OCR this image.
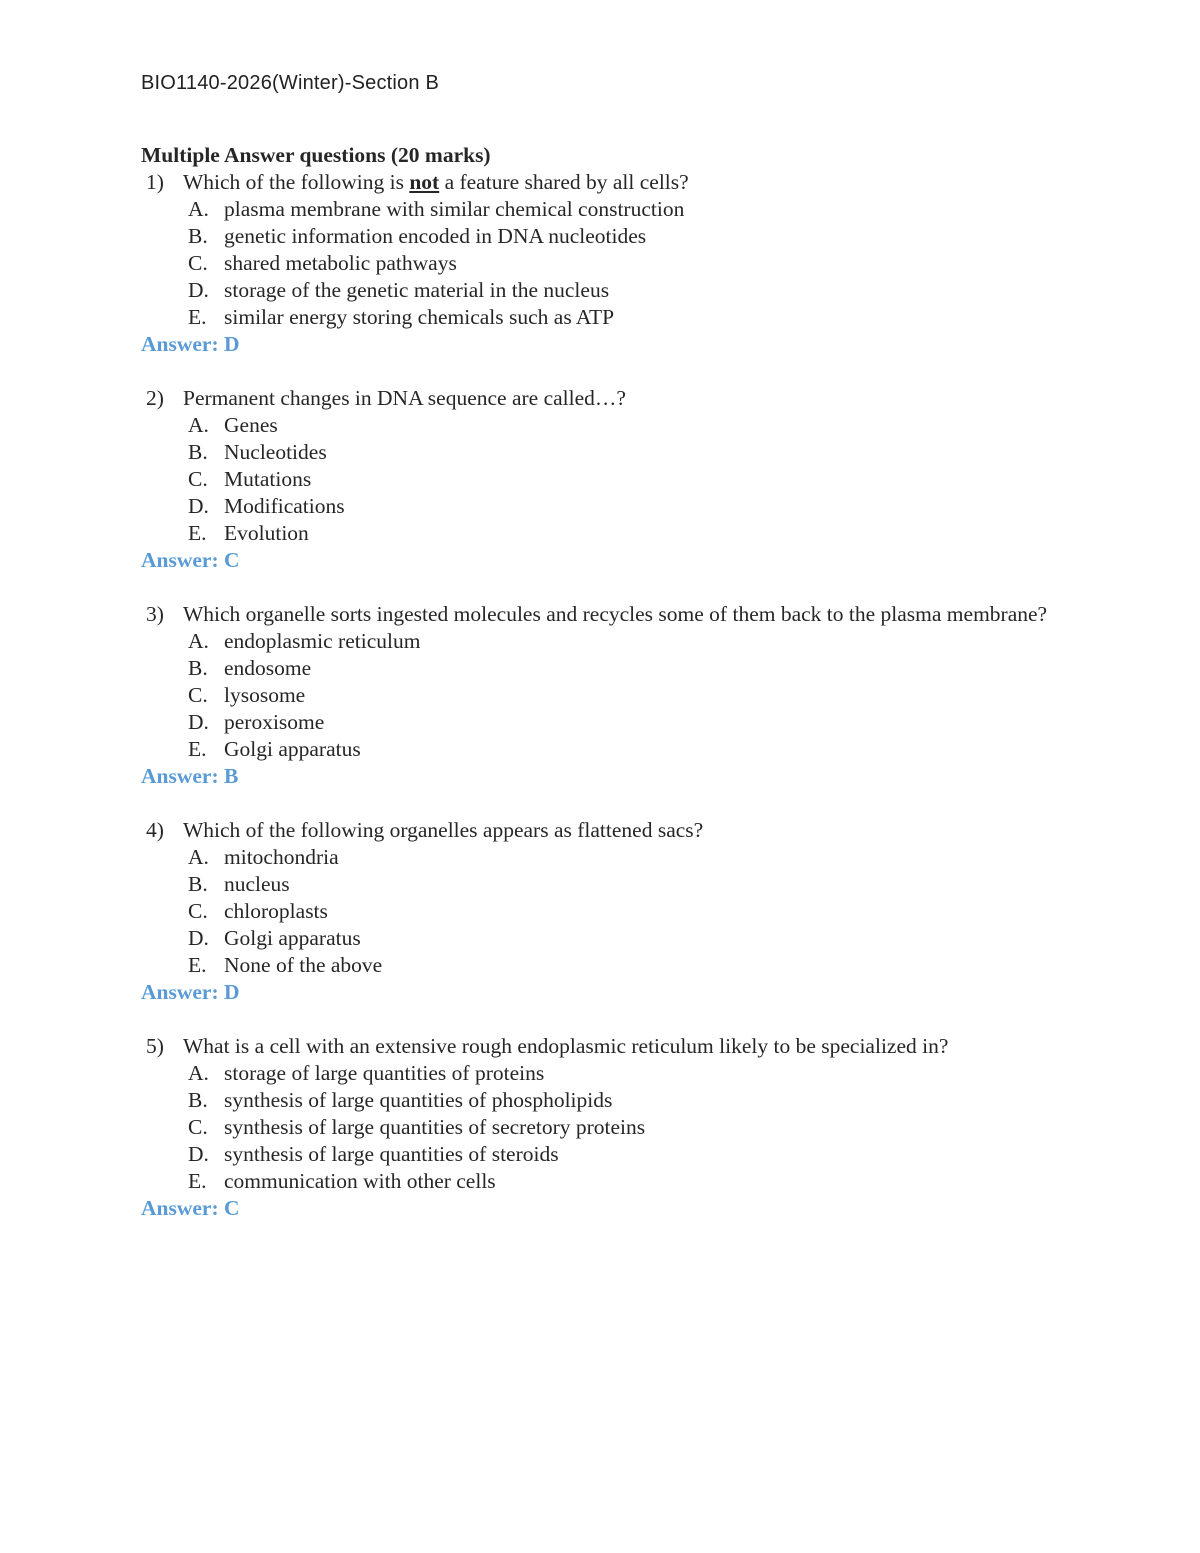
BIO1140-2026(Winter)-Section B
Multiple Answer questions (20 marks)
1) Which of the following is not a feature shared by all cells?
A. plasma membrane with similar chemical construction
B. genetic information encoded in DNA nucleotides
C. shared metabolic pathways
D. storage of the genetic material in the nucleus
E. similar energy storing chemicals such as ATP
Answer: D
2) Permanent changes in DNA sequence are called…?
A. Genes
B. Nucleotides
C. Mutations
D. Modifications
E. Evolution
Answer: C
3) Which organelle sorts ingested molecules and recycles some of them back to the plasma membrane?
A. endoplasmic reticulum
B. endosome
C. lysosome
D. peroxisome
E. Golgi apparatus
Answer: B
4) Which of the following organelles appears as flattened sacs?
A. mitochondria
B. nucleus
C. chloroplasts
D. Golgi apparatus
E. None of the above
Answer: D
5) What is a cell with an extensive rough endoplasmic reticulum likely to be specialized in?
A. storage of large quantities of proteins
B. synthesis of large quantities of phospholipids
C. synthesis of large quantities of secretory proteins
D. synthesis of large quantities of steroids
E. communication with other cells
Answer: C
